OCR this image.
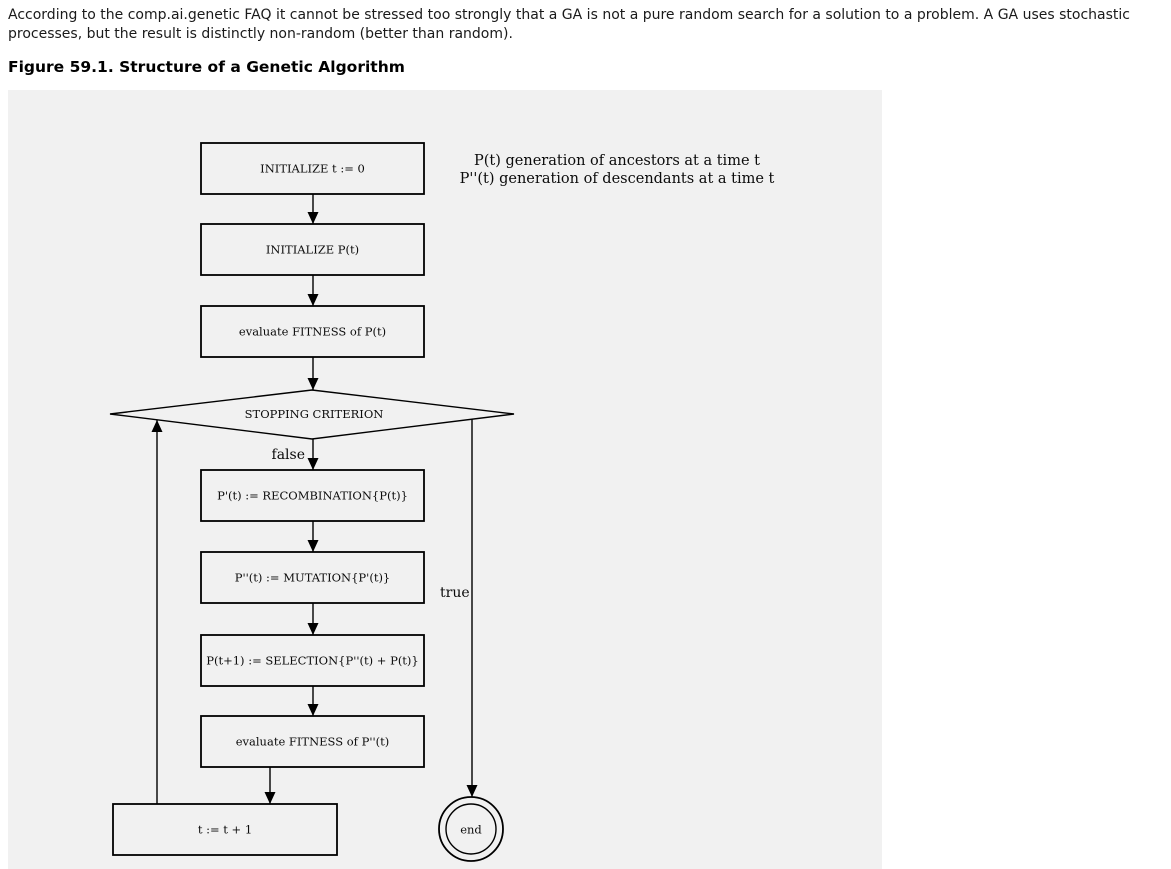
According to the comp.ai.genetic FAQ it cannot be stressed too strongly that a GA is not a pure random search for a solution to a problem. A GA uses stochastic processes, but the result is distinctly non-random (better than random).

Figure 59.1. Structure of a Genetic Algorithm
INITIALIZE t := 0
INITIALIZE P(t)
evaluate FITNESS of P(t)
STOPPING CRITERION
false
true
P'(t) := RECOMBINATION{P(t)}
P''(t) := MUTATION{P'(t)}
P(t+1) := SELECTION{P''(t) + P(t)}
evaluate FITNESS of P''(t)
t := t + 1	end
P(t) generation of ancestors at a time t
P''(t) generation of descendants at a time t
